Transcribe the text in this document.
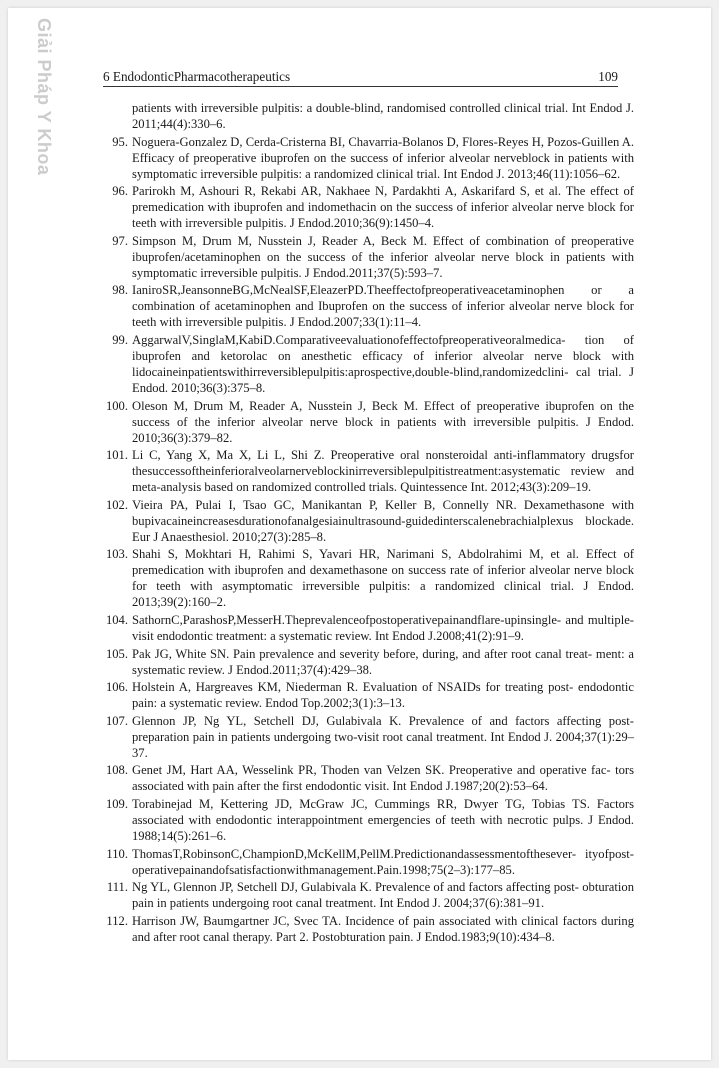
Giải Pháp Y Khoa	6 EndodonticPharmacotherapeutics	109
patients with irreversible pulpitis: a double-blind, randomised controlled clinical trial. Int Endod J. 2011;44(4):330–6.
95. Noguera-Gonzalez D, Cerda-Cristerna BI, Chavarria-Bolanos D, Flores-Reyes H, Pozos-Guillen A. Efficacy of preoperative ibuprofen on the success of inferior alveolar nerveblock in patients with symptomatic irreversible pulpitis: a randomized clinical trial. Int Endod J. 2013;46(11):1056–62.
96. Parirokh M, Ashouri R, Rekabi AR, Nakhaee N, Pardakhti A, Askarifard S, et al. The effect of premedication with ibuprofen and indomethacin on the success of inferior alveolar nerve block for teeth with irreversible pulpitis. J Endod.2010;36(9):1450–4.
97. Simpson M, Drum M, Nusstein J, Reader A, Beck M. Effect of combination of preoperative ibuprofen/acetaminophen on the success of the inferior alveolar nerve block in patients with symptomatic irreversible pulpitis. J Endod.2011;37(5):593–7.
98. IaniroSR,JeansonneBG,McNealSF,EleazerPD.Theeffectofpreoperativeacetaminophen or a combination of acetaminophen and Ibuprofen on the success of inferior alveolar nerve block for teeth with irreversible pulpitis. J Endod.2007;33(1):11–4.
99. AggarwalV,SinglaM,KabiD.Comparativeevaluationofeffectofpreoperativeoralmedica- tion of ibuprofen and ketorolac on anesthetic efficacy of inferior alveolar nerve block with lidocaineinpatientswithirreversiblepulpitis:aprospective,double-blind,randomizedclini- cal trial. J Endod. 2010;36(3):375–8.
100. Oleson M, Drum M, Reader A, Nusstein J, Beck M. Effect of preoperative ibuprofen on the success of the inferior alveolar nerve block in patients with irreversible pulpitis. J Endod. 2010;36(3):379–82.
101. Li C, Yang X, Ma X, Li L, Shi Z. Preoperative oral nonsteroidal anti-inflammatory drugsfor thesuccessoftheinferioralveolarnerveblockinirreversiblepulpitistreatment:asystematic review and meta-analysis based on randomized controlled trials. Quintessence Int. 2012;43(3):209–19.
102. Vieira PA, Pulai I, Tsao GC, Manikantan P, Keller B, Connelly NR. Dexamethasone with bupivacaineincreasesdurationofanalgesiainultrasound-guidedinterscalenebrachialplexus blockade. Eur J Anaesthesiol. 2010;27(3):285–8.
103. Shahi S, Mokhtari H, Rahimi S, Yavari HR, Narimani S, Abdolrahimi M, et al. Effect of premedication with ibuprofen and dexamethasone on success rate of inferior alveolar nerve block for teeth with asymptomatic irreversible pulpitis: a randomized clinical trial. J Endod. 2013;39(2):160–2.
104. SathornC,ParashosP,MesserH.Theprevalenceofpostoperativepainandflare-upinsingle- and multiple-visit endodontic treatment: a systematic review. Int Endod J.2008;41(2):91–9.
105. Pak JG, White SN. Pain prevalence and severity before, during, and after root canal treat- ment: a systematic review. J Endod.2011;37(4):429–38.
106. Holstein A, Hargreaves KM, Niederman R. Evaluation of NSAIDs for treating post- endodontic pain: a systematic review. Endod Top.2002;3(1):3–13.
107. Glennon JP, Ng YL, Setchell DJ, Gulabivala K. Prevalence of and factors affecting post- preparation pain in patients undergoing two-visit root canal treatment. Int Endod J. 2004;37(1):29–37.
108. Genet JM, Hart AA, Wesselink PR, Thoden van Velzen SK. Preoperative and operative fac- tors associated with pain after the first endodontic visit. Int Endod J.1987;20(2):53–64.
109. Torabinejad M, Kettering JD, McGraw JC, Cummings RR, Dwyer TG, Tobias TS. Factors associated with endodontic interappointment emergencies of teeth with necrotic pulps. J Endod. 1988;14(5):261–6.
110. ThomasT,RobinsonC,ChampionD,McKellM,PellM.Predictionandassessmentofthesever- ityofpost-operativepainandofsatisfactionwithmanagement.Pain.1998;75(2–3):177–85.
111. Ng YL, Glennon JP, Setchell DJ, Gulabivala K. Prevalence of and factors affecting post- obturation pain in patients undergoing root canal treatment. Int Endod J. 2004;37(6):381–91.
112. Harrison JW, Baumgartner JC, Svec TA. Incidence of pain associated with clinical factors during and after root canal therapy. Part 2. Postobturation pain. J Endod.1983;9(10):434–8.
